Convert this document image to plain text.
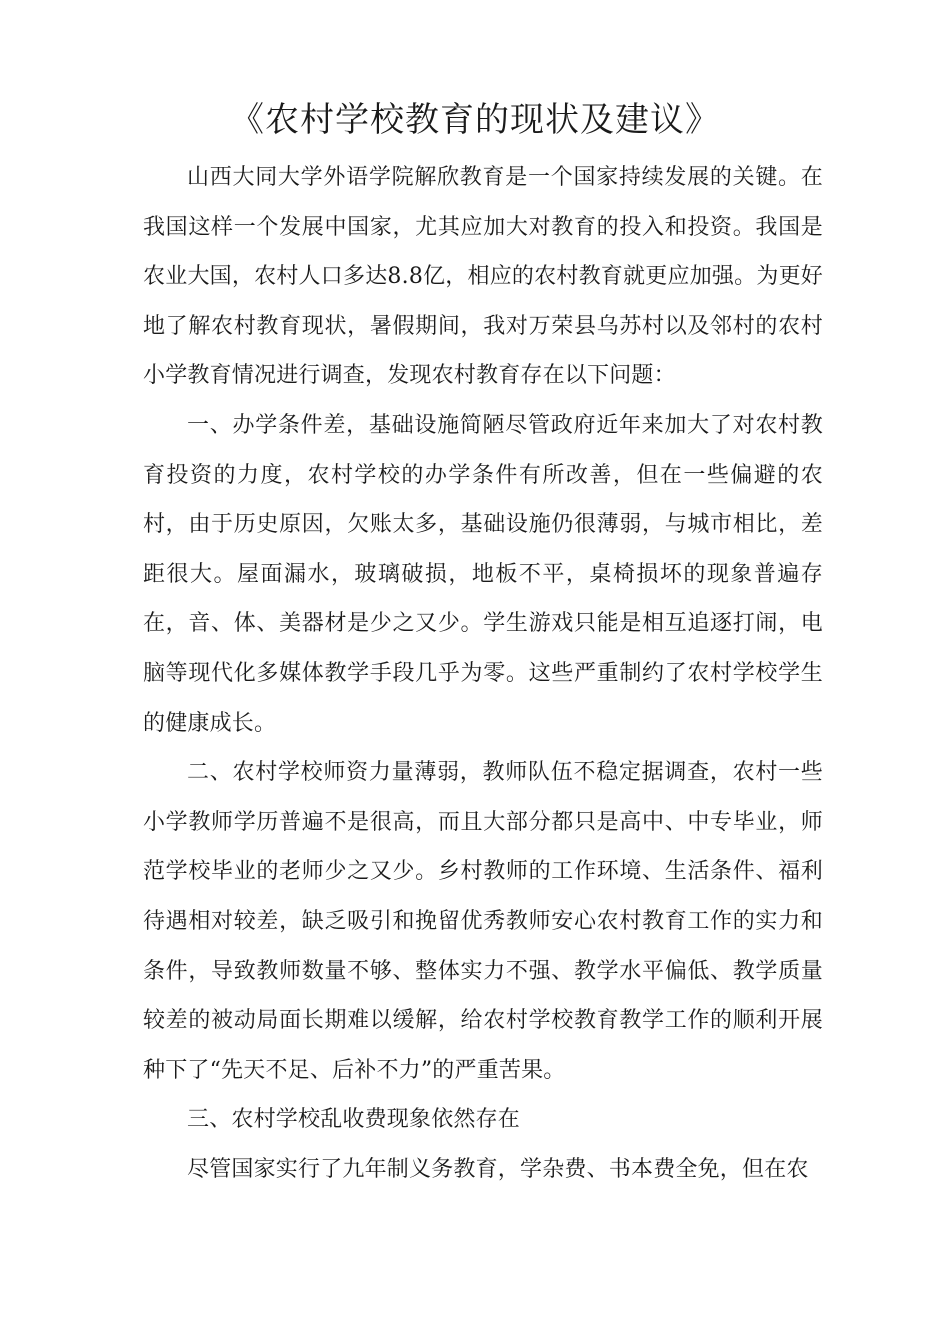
《农村学校教育的现状及建议》

山西大同大学外语学院解欣教育是一个国家持续发展的关键。在我国这样一个发展中国家，尤其应加大对教育的投入和投资。我国是农业大国，农村人口多达8.8亿，相应的农村教育就更应加强。为更好地了解农村教育现状，暑假期间，我对万荣县乌苏村以及邻村的农村小学教育情况进行调查，发现农村教育存在以下问题：

一、办学条件差，基础设施简陋尽管政府近年来加大了对农村教育投资的力度，农村学校的办学条件有所改善，但在一些偏避的农村，由于历史原因，欠账太多，基础设施仍很薄弱，与城市相比，差距很大。屋面漏水，玻璃破损，地板不平，桌椅损坏的现象普遍存在，音、体、美器材是少之又少。学生游戏只能是相互追逐打闹，电脑等现代化多媒体教学手段几乎为零。这些严重制约了农村学校学生的健康成长。

二、农村学校师资力量薄弱，教师队伍不稳定据调查，农村一些小学教师学历普遍不是很高，而且大部分都只是高中、中专毕业，师范学校毕业的老师少之又少。乡村教师的工作环境、生活条件、福利待遇相对较差，缺乏吸引和挽留优秀教师安心农村教育工作的实力和条件，导致教师数量不够、整体实力不强、教学水平偏低、教学质量较差的被动局面长期难以缓解，给农村学校教育教学工作的顺利开展种下了“先天不足、后补不力”的严重苦果。

三、农村学校乱收费现象依然存在

尽管国家实行了九年制义务教育，学杂费、书本费全免，但在农
